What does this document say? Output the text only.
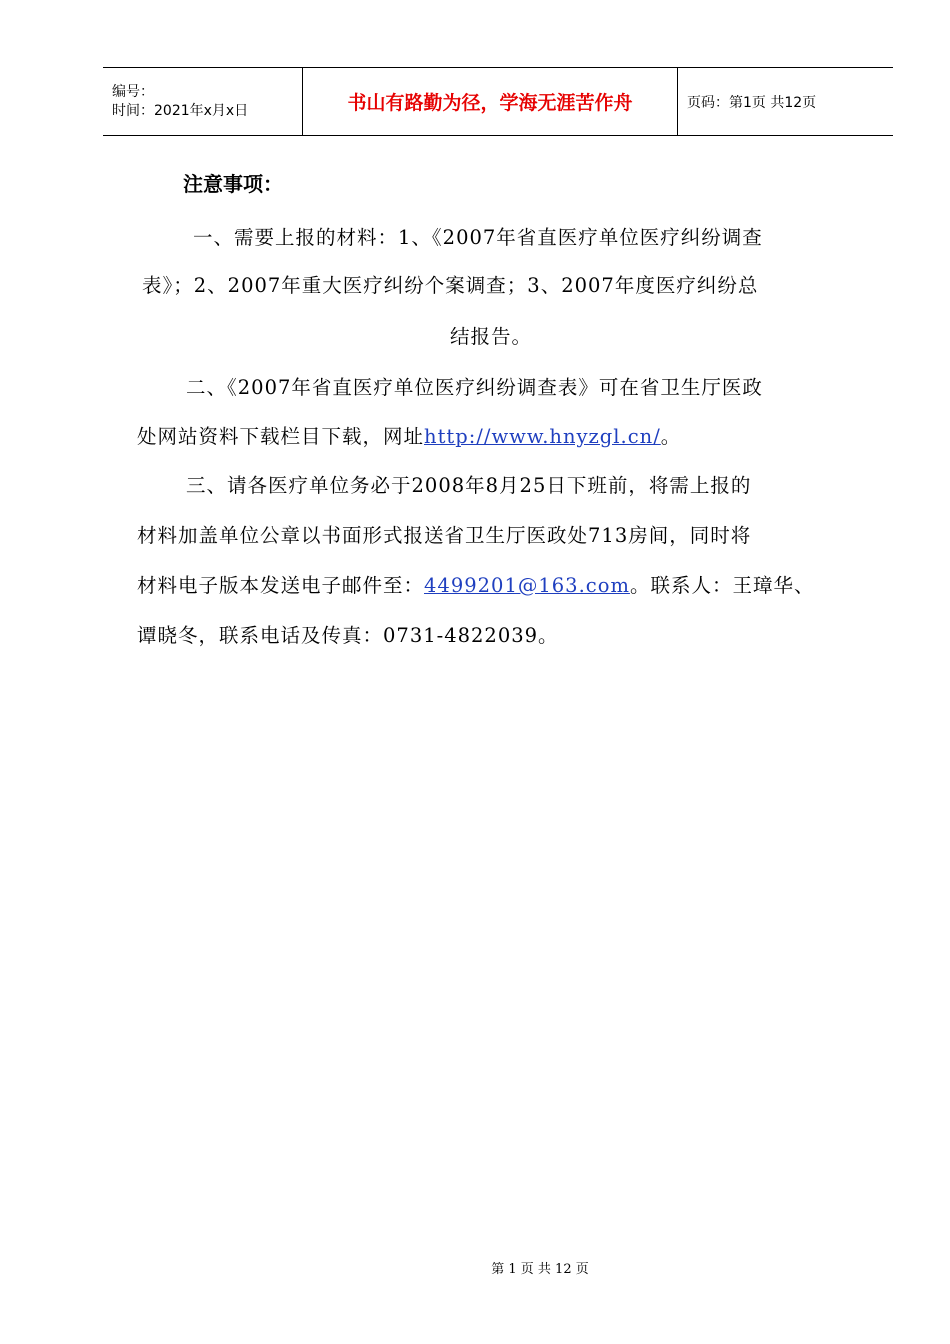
编号：
时间：2021年x月x日	书山有路勤为径，学海无涯苦作舟	页码：第1页 共12页
注意事项：
一、需要上报的材料：1、《2007年省直医疗单位医疗纠纷调查
表》；2、2007年重大医疗纠纷个案调查；3、2007年度医疗纠纷总
结报告。
二、《2007年省直医疗单位医疗纠纷调查表》可在省卫生厅医政
处网站资料下载栏目下载，网址http://www.hnyzgl.cn/。
三、请各医疗单位务必于2008年8月25日下班前，将需上报的
材料加盖单位公章以书面形式报送省卫生厅医政处713房间，同时将
材料电子版本发送电子邮件至：4499201@163.com。联系人：王璋华、
谭晓冬，联系电话及传真：0731-4822039。
第 1 页 共 12 页
